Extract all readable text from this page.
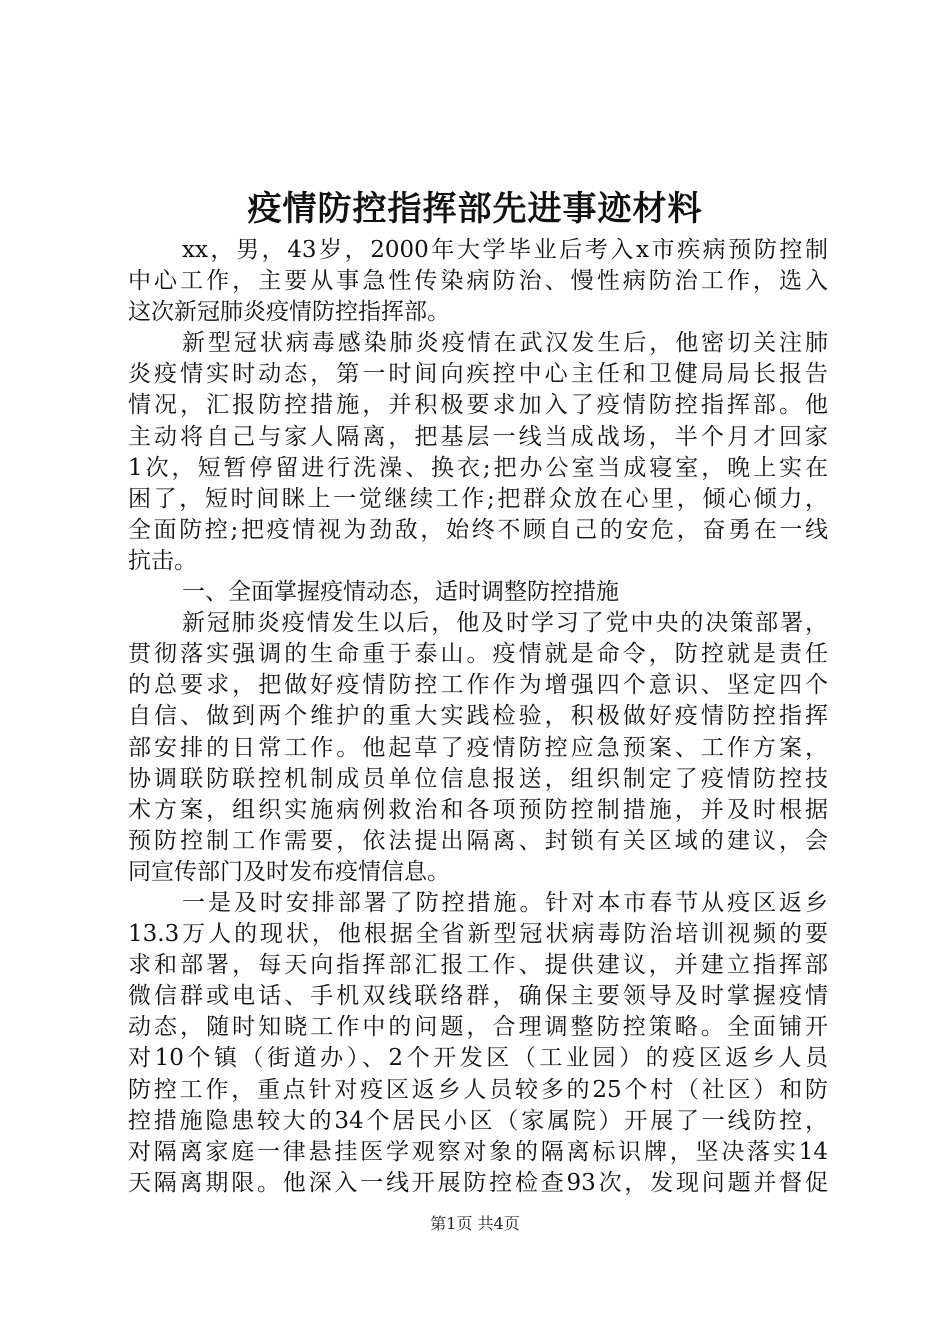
疫情防控指挥部先进事迹材料
xx，男，43岁，2000年大学毕业后考入x市疾病预防控制
中心工作，主要从事急性传染病防治、慢性病防治工作，选入
这次新冠肺炎疫情防控指挥部。
新型冠状病毒感染肺炎疫情在武汉发生后，他密切关注肺
炎疫情实时动态，第一时间向疾控中心主任和卫健局局长报告
情况，汇报防控措施，并积极要求加入了疫情防控指挥部。他
主动将自己与家人隔离，把基层一线当成战场，半个月才回家
1次，短暂停留进行洗澡、换衣;把办公室当成寝室，晚上实在
困了，短时间眯上一觉继续工作;把群众放在心里，倾心倾力，
全面防控;把疫情视为劲敌，始终不顾自己的安危，奋勇在一线
抗击。
一、全面掌握疫情动态，适时调整防控措施
新冠肺炎疫情发生以后，他及时学习了党中央的决策部署，
贯彻落实强调的生命重于泰山。疫情就是命令，防控就是责任
的总要求，把做好疫情防控工作作为增强四个意识、坚定四个
自信、做到两个维护的重大实践检验，积极做好疫情防控指挥
部安排的日常工作。他起草了疫情防控应急预案、工作方案，
协调联防联控机制成员单位信息报送，组织制定了疫情防控技
术方案，组织实施病例救治和各项预防控制措施，并及时根据
预防控制工作需要，依法提出隔离、封锁有关区域的建议，会
同宣传部门及时发布疫情信息。
一是及时安排部署了防控措施。针对本市春节从疫区返乡
13.3万人的现状，他根据全省新型冠状病毒防治培训视频的要
求和部署，每天向指挥部汇报工作、提供建议，并建立指挥部
微信群或电话、手机双线联络群，确保主要领导及时掌握疫情
动态，随时知晓工作中的问题，合理调整防控策略。全面铺开
对10个镇（街道办）、2个开发区（工业园）的疫区返乡人员
防控工作，重点针对疫区返乡人员较多的25个村（社区）和防
控措施隐患较大的34个居民小区（家属院）开展了一线防控，
对隔离家庭一律悬挂医学观察对象的隔离标识牌，坚决落实14
天隔离期限。他深入一线开展防控检查93次，发现问题并督促
第1页 共4页
